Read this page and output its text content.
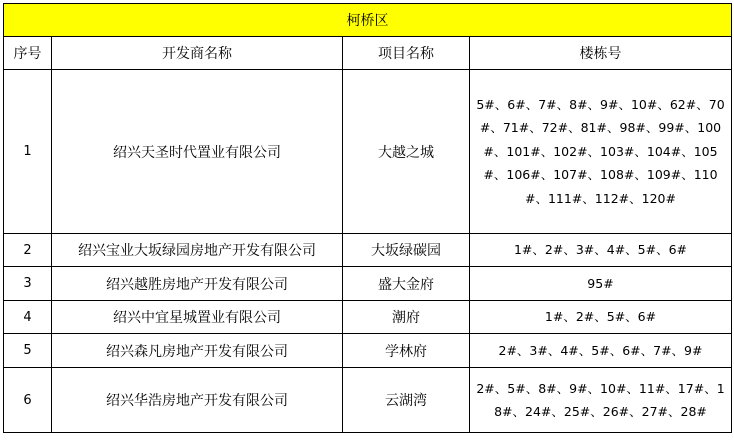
柯桥区			
序号	开发商名称	项目名称	楼栋号
1	绍兴天圣时代置业有限公司	大越之城	5#、6#、7#、8#、9#、10#、62#、70#、71#、72#、81#、98#、99#、100#、101#、102#、103#、104#、105#、106#、107#、108#、109#、110#、111#、112#、120#
2	绍兴宝业大坂绿园房地产开发有限公司	大坂绿碳园	1#、2#、3#、4#、5#、6#
3	绍兴越胜房地产开发有限公司	盛大金府	95#
4	绍兴中宜星城置业有限公司	潮府	1#、2#、5#、6#
5	绍兴森凡房地产开发有限公司	学林府	2#、3#、4#、5#、6#、7#、9#
6	绍兴华浩房地产开发有限公司	云湖湾	2#、5#、8#、9#、10#、11#、17#、18#、24#、25#、26#、27#、28#
